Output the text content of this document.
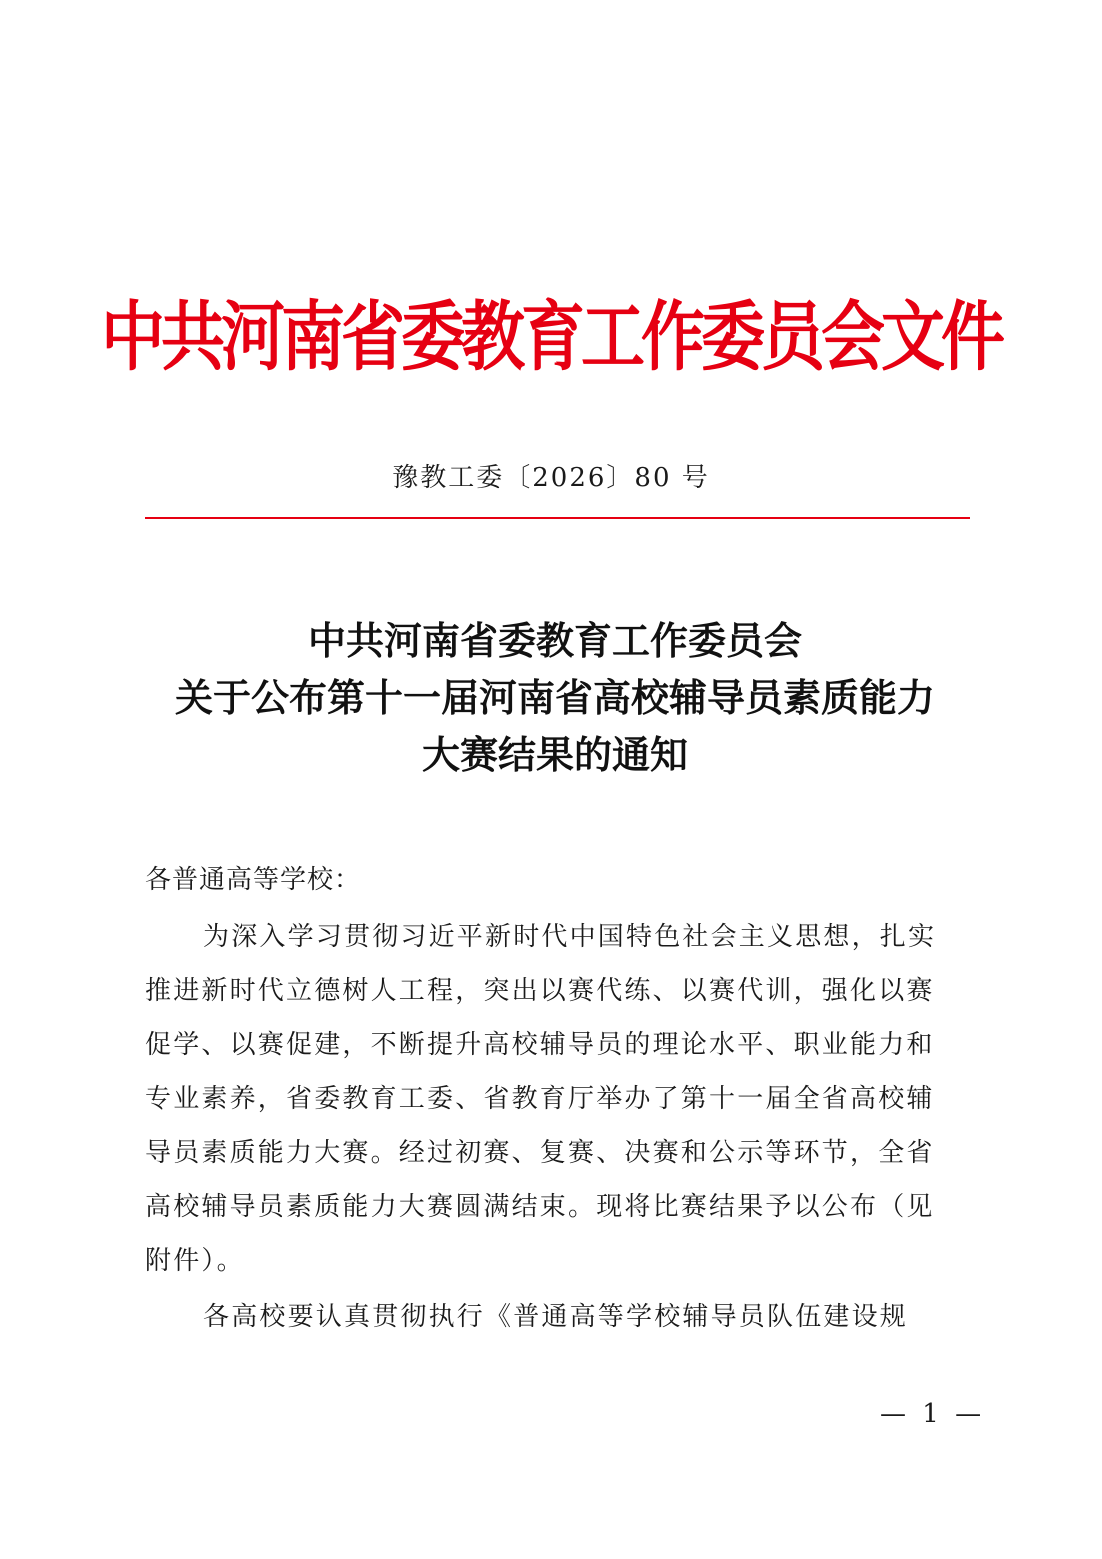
中共河南省委教育工作委员会文件
豫教工委〔2026〕80 号
中共河南省委教育工作委员会
关于公布第十一届河南省高校辅导员素质能力
大赛结果的通知
各普通高等学校：
为深入学习贯彻习近平新时代中国特色社会主义思想，扎实
推进新时代立德树人工程，突出以赛代练、以赛代训，强化以赛
促学、以赛促建，不断提升高校辅导员的理论水平、职业能力和
专业素养，省委教育工委、省教育厅举办了第十一届全省高校辅
导员素质能力大赛。经过初赛、复赛、决赛和公示等环节，全省
高校辅导员素质能力大赛圆满结束。现将比赛结果予以公布（见
附件）。
各高校要认真贯彻执行《普通高等学校辅导员队伍建设规
— 1 —
